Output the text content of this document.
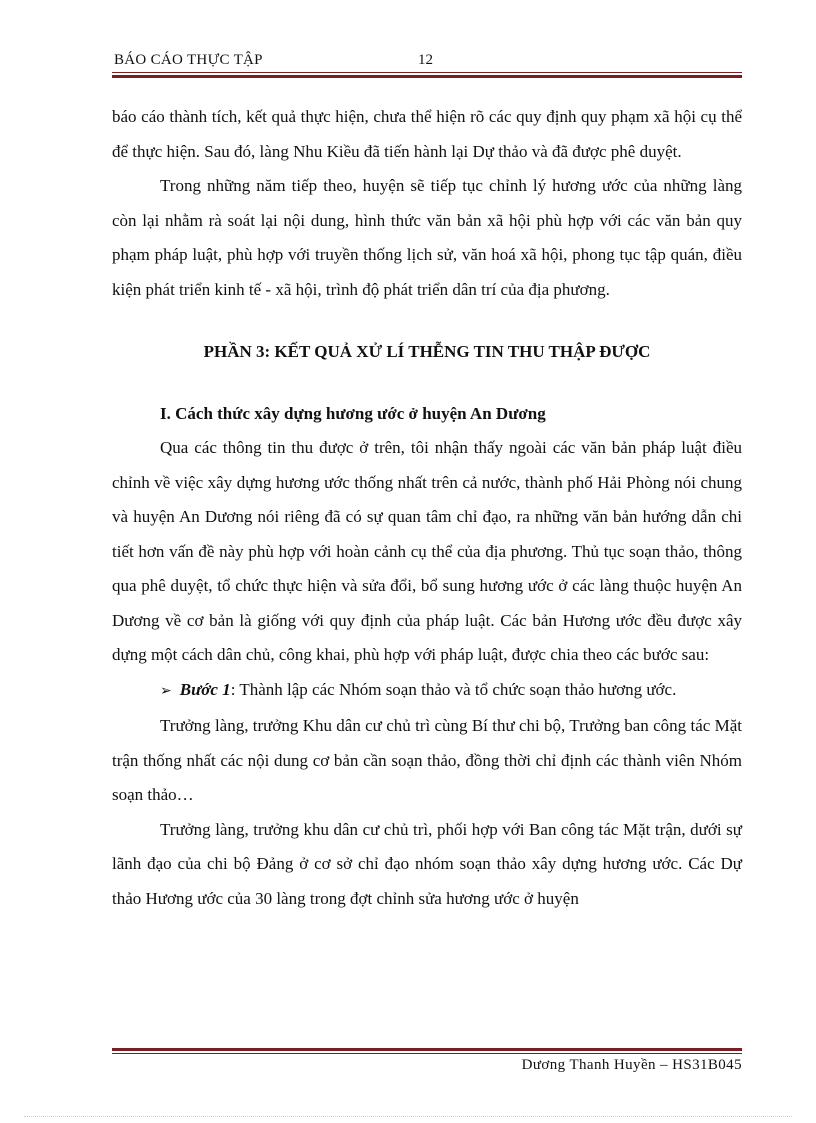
BÁO CÁO THỰC TẬP	12

báo cáo thành tích, kết quả thực hiện, chưa thể hiện rõ các quy định quy phạm xã hội cụ thể để thực hiện. Sau đó, làng Nhu Kiều đã tiến hành lại Dự thảo và đã được phê duyệt.

Trong những năm tiếp theo, huyện sẽ tiếp tục chỉnh lý hương ước của những làng còn lại nhằm rà soát lại nội dung, hình thức văn bản xã hội phù hợp với các văn bản quy phạm pháp luật, phù hợp với truyền thống lịch sử, văn hoá xã hội, phong tục tập quán, điều kiện phát triển kinh tế - xã hội, trình độ phát triển dân trí của địa phương.

PHẦN 3: KẾT QUẢ XỬ LÍ THỄNG TIN THU THẬP ĐƯỢC

I. Cách thức xây dựng hương ước ở huyện An Dương

Qua các thông tin thu được ở trên, tôi nhận thấy ngoài các văn bản pháp luật điều chỉnh về việc xây dựng hương ước thống nhất trên cả nước, thành phố Hải Phòng nói chung và huyện An Dương nói riêng đã có sự quan tâm chỉ đạo, ra những văn bản hướng dẫn chi tiết hơn vấn đề này phù hợp với hoàn cảnh cụ thể của địa phương. Thủ tục soạn thảo, thông qua phê duyệt, tổ chức thực hiện và sửa đổi, bổ sung hương ước ở các làng thuộc huyện An Dương về cơ bản là giống với quy định của pháp luật. Các bản Hương ước đều được xây dựng một cách dân chủ, công khai, phù hợp với pháp luật, được chia theo các bước sau:

➢ Bước 1: Thành lập các Nhóm soạn thảo và tổ chức soạn thảo hương ước.

Trưởng làng, trưởng Khu dân cư chủ trì cùng Bí thư chi bộ, Trưởng ban công tác Mặt trận thống nhất các nội dung cơ bản cần soạn thảo, đồng thời chỉ định các thành viên Nhóm soạn thảo…

Trưởng làng, trưởng khu dân cư chủ trì, phối hợp với Ban công tác Mặt trận, dưới sự lãnh đạo của chi bộ Đảng ở cơ sở chỉ đạo nhóm soạn thảo xây dựng hương ước. Các Dự thảo Hương ước của 30 làng trong đợt chỉnh sửa hương ước ở huyện

Dương Thanh Huyền – HS31B045
